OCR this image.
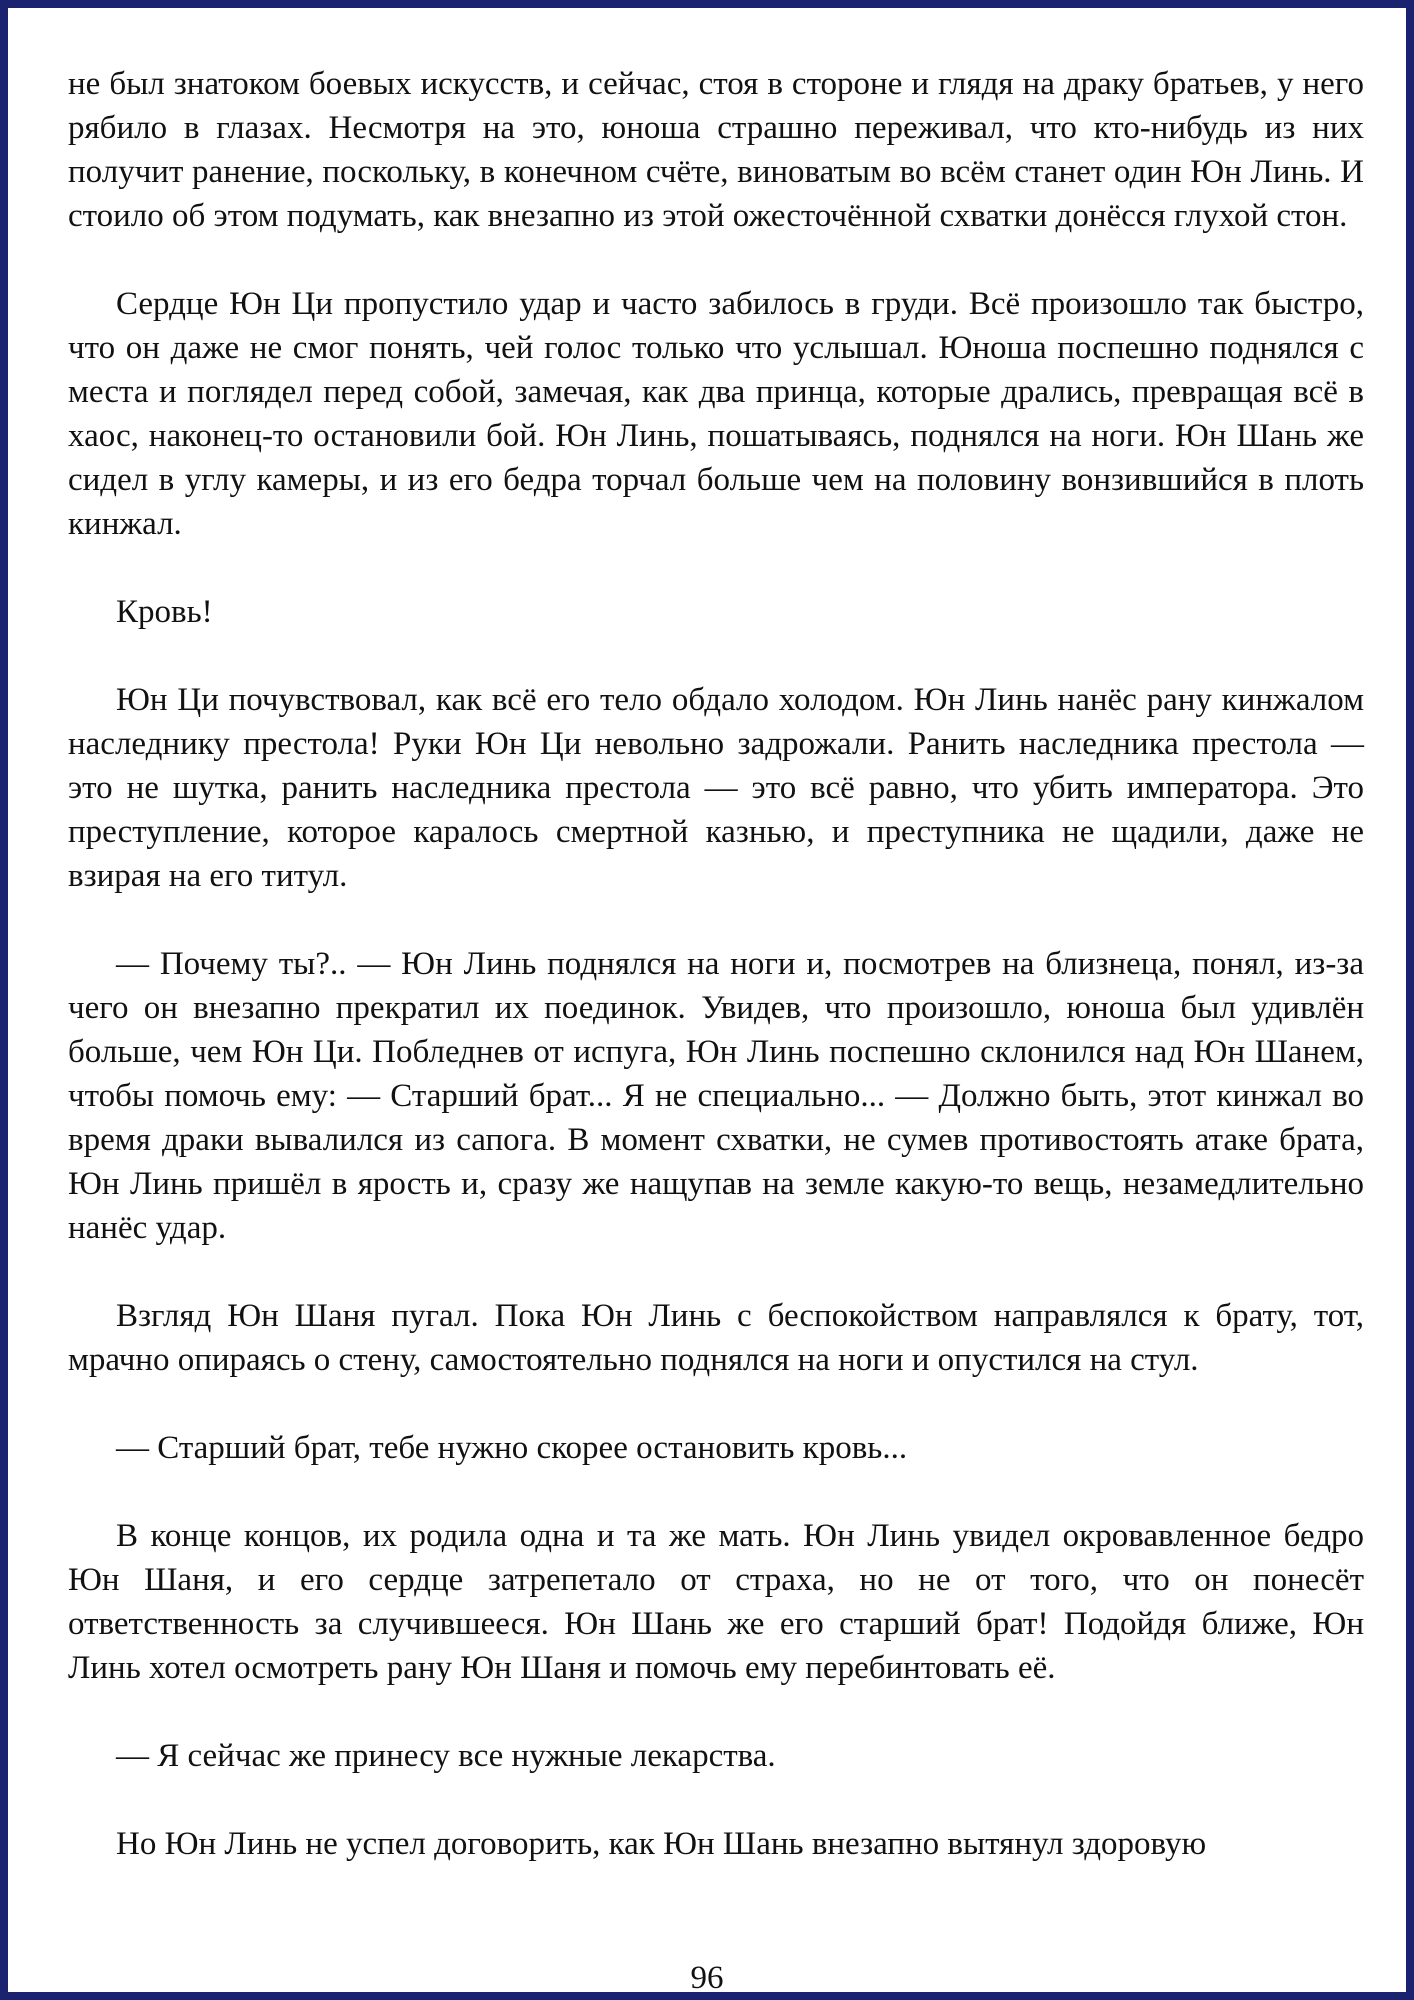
не был знатоком боевых искусств, и сейчас, стоя в стороне и глядя на драку братьев, у него рябило в глазах. Несмотря на это, юноша страшно переживал, что кто-нибудь из них получит ранение, поскольку, в конечном счёте, виноватым во всём станет один Юн Линь. И стоило об этом подумать, как внезапно из этой ожесточённой схватки донёсся глухой стон.

Сердце Юн Ци пропустило удар и часто забилось в груди. Всё произошло так быстро, что он даже не смог понять, чей голос только что услышал. Юноша поспешно поднялся с места и поглядел перед собой, замечая, как два принца, которые дрались, превращая всё в хаос, наконец-то остановили бой. Юн Линь, пошатываясь, поднялся на ноги. Юн Шань же сидел в углу камеры, и из его бедра торчал больше чем на половину вонзившийся в плоть кинжал.

Кровь!

Юн Ци почувствовал, как всё его тело обдало холодом. Юн Линь нанёс рану кинжалом наследнику престола! Руки Юн Ци невольно задрожали. Ранить наследника престола — это не шутка, ранить наследника престола — это всё равно, что убить императора. Это преступление, которое каралось смертной казнью, и преступника не щадили, даже не взирая на его титул.

— Почему ты?.. — Юн Линь поднялся на ноги и, посмотрев на близнеца, понял, из-за чего он внезапно прекратил их поединок. Увидев, что произошло, юноша был удивлён больше, чем Юн Ци. Побледнев от испуга, Юн Линь поспешно склонился над Юн Шанем, чтобы помочь ему: — Старший брат... Я не специально... — Должно быть, этот кинжал во время драки вывалился из сапога. В момент схватки, не сумев противостоять атаке брата, Юн Линь пришёл в ярость и, сразу же нащупав на земле какую-то вещь, незамедлительно нанёс удар.

Взгляд Юн Шаня пугал. Пока Юн Линь с беспокойством направлялся к брату, тот, мрачно опираясь о стену, самостоятельно поднялся на ноги и опустился на стул.

— Старший брат, тебе нужно скорее остановить кровь...

В конце концов, их родила одна и та же мать. Юн Линь увидел окровавленное бедро Юн Шаня, и его сердце затрепетало от страха, но не от того, что он понесёт ответственность за случившееся. Юн Шань же его старший брат! Подойдя ближе, Юн Линь хотел осмотреть рану Юн Шаня и помочь ему перебинтовать её.

— Я сейчас же принесу все нужные лекарства.

Но Юн Линь не успел договорить, как Юн Шань внезапно вытянул здоровую

96
